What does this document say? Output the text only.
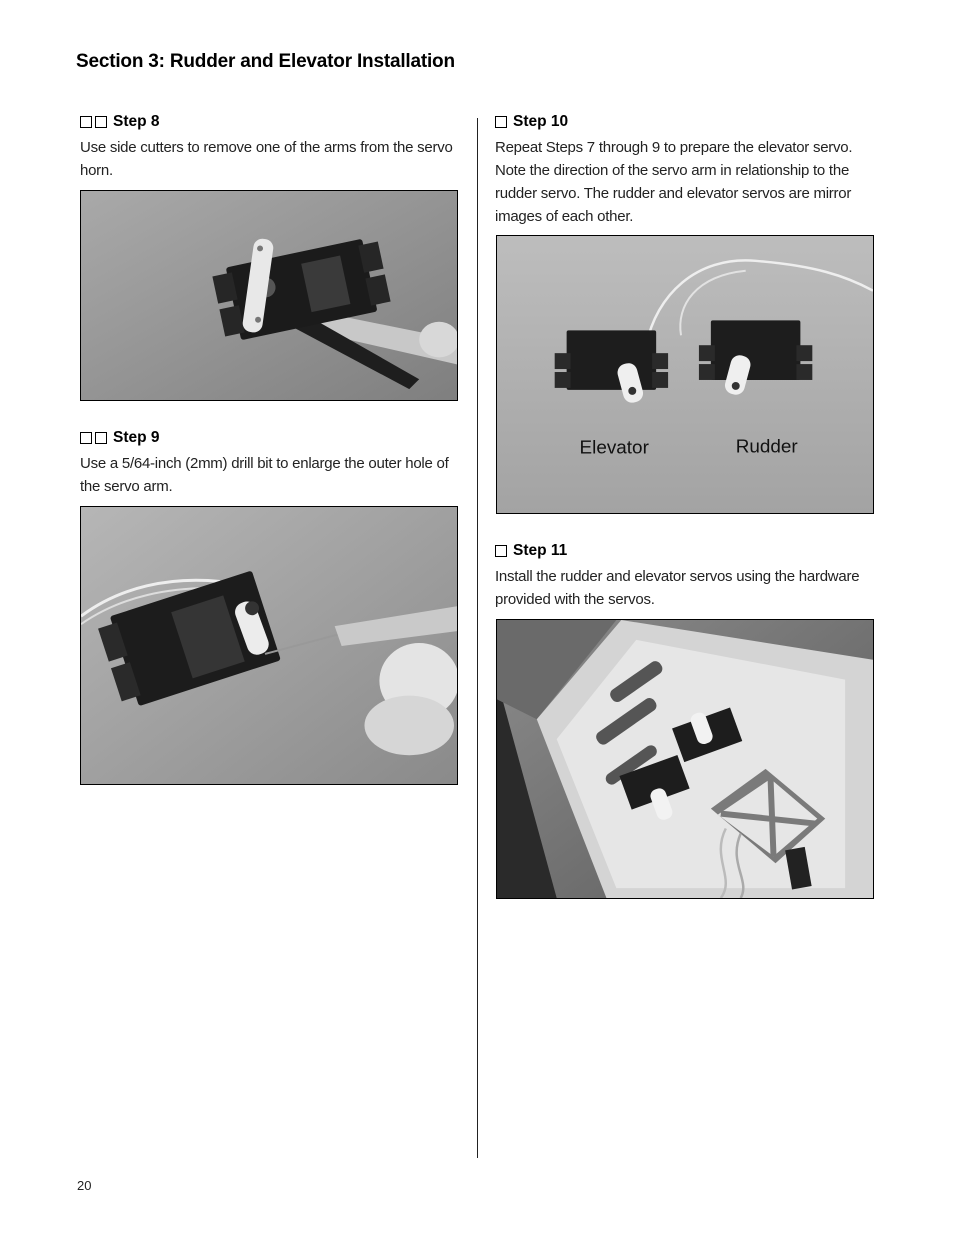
Section 3: Rudder and Elevator Installation
Step 8

Use side cutters to remove one of the arms from the servo horn.

Step 9

Use a 5/64-inch (2mm) drill bit to enlarge the outer hole of the servo arm.

Step 10

Repeat Steps 7 through 9 to prepare the elevator servo. Note the direction of the servo arm in relationship to the rudder servo. The rudder and elevator servos are mirror images of each other.

Elevator	Rudder
Step 11

Install the rudder and elevator servos using the hardware provided with the servos.

20
